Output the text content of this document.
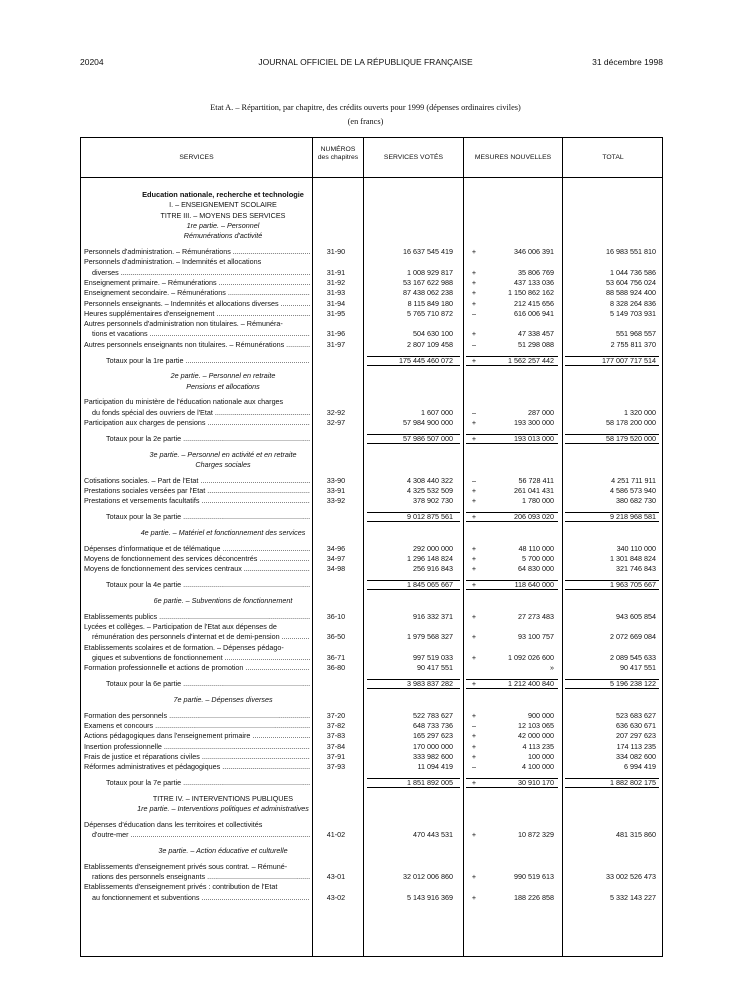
20204	JOURNAL OFFICIEL DE LA RÉPUBLIQUE FRANÇAISE	31 décembre 1998
Etat A. – Répartition, par chapitre, des crédits ouverts pour 1999 (dépenses ordinaires civiles)
(en francs)
SERVICES
NUMÉROS des chapitres	SERVICES VOTÉS	MESURES NOUVELLES	TOTAL
Education nationale, recherche et technologie
I. – ENSEIGNEMENT SCOLAIRE
TITRE III. – MOYENS DES SERVICES
1re partie. – Personnel
Rémunérations d'activité
Personnels d'administration. – Rémunérations .....	31-90	16 637 545 419	+	346 006 391	16 983 551 810
Personnels d'administration. – Indemnités et allocations
diverses .....	31-91	1 008 929 817	+	35 806 769	1 044 736 586
Enseignement primaire. – Rémunérations .....	31-92	53 167 622 988	+	437 133 036	53 604 756 024
Enseignement secondaire. – Rémunérations .....	31-93	87 438 062 238	+	1 150 862 162	88 588 924 400
Personnels enseignants. – Indemnités et allocations diverses .....	31-94	8 115 849 180	+	212 415 656	8 328 264 836
Heures supplémentaires d'enseignement .....	31-95	5 765 710 872	–	616 006 941	5 149 703 931
Autres personnels d'administration non titulaires. – Rémunéra-
tions et vacations .....	31-96	504 630 100	+	47 338 457	551 968 557
Autres personnels enseignants non titulaires. – Rémunérations .....	31-97	2 807 109 458	–	51 298 088	2 755 811 370
Totaux pour la 1re partie .....	175 445 460 072	+	1 562 257 442	177 007 717 514
2e partie. – Personnel en retraite
Pensions et allocations
Participation du ministère de l'éducation nationale aux charges
du fonds spécial des ouvriers de l'Etat .....	32-92	1 607 000	–	287 000	1 320 000
Participation aux charges de pensions .....	32-97	57 984 900 000	+	193 300 000	58 178 200 000
Totaux pour la 2e partie .....	57 986 507 000	+	193 013 000	58 179 520 000
3e partie. – Personnel en activité et en retraite
Charges sociales
Cotisations sociales. – Part de l'Etat .....	33-90	4 308 440 322	–	56 728 411	4 251 711 911
Prestations sociales versées par l'Etat .....	33-91	4 325 532 509	+	261 041 431	4 586 573 940
Prestations et versements facultatifs .....	33-92	378 902 730	+	1 780 000	380 682 730
Totaux pour la 3e partie .....	9 012 875 561	+	206 093 020	9 218 968 581
4e partie. – Matériel et fonctionnement des services
Dépenses d'informatique et de télématique .....	34-96	292 000 000	+	48 110 000	340 110 000
Moyens de fonctionnement des services déconcentrés .....	34-97	1 296 148 824	+	5 700 000	1 301 848 824
Moyens de fonctionnement des services centraux .....	34-98	256 916 843	+	64 830 000	321 746 843
Totaux pour la 4e partie .....	1 845 065 667	+	118 640 000	1 963 705 667
6e partie. – Subventions de fonctionnement
Etablissements publics .....	36-10	916 332 371	+	27 273 483	943 605 854
Lycées et collèges. – Participation de l'Etat aux dépenses de
rémunération des personnels d'internat et de demi-pension .....	36-50	1 979 568 327	+	93 100 757	2 072 669 084
Etablissements scolaires et de formation. – Dépenses pédago-
giques et subventions de fonctionnement .....	36-71	997 519 033	+	1 092 026 600	2 089 545 633
Formation professionnelle et actions de promotion .....	36-80	90 417 551	»	90 417 551
Totaux pour la 6e partie .....	3 983 837 282	+	1 212 400 840	5 196 238 122
7e partie. – Dépenses diverses
Formation des personnels .....	37-20	522 783 627	+	900 000	523 683 627
Examens et concours .....	37-82	648 733 736	–	12 103 065	636 630 671
Actions pédagogiques dans l'enseignement primaire .....	37-83	165 297 623	+	42 000 000	207 297 623
Insertion professionnelle .....	37-84	170 000 000	+	4 113 235	174 113 235
Frais de justice et réparations civiles .....	37-91	333 982 600	+	100 000	334 082 600
Réformes administratives et pédagogiques .....	37-93	11 094 419	–	4 100 000	6 994 419
Totaux pour la 7e partie .....	1 851 892 005	+	30 910 170	1 882 802 175
TITRE IV. – INTERVENTIONS PUBLIQUES
1re partie. – Interventions politiques et administratives
Dépenses d'éducation dans les territoires et collectivités
d'outre-mer .....	41-02	470 443 531	+	10 872 329	481 315 860
3e partie. – Action éducative et culturelle
Etablissements d'enseignement privés sous contrat. – Rémuné-
rations des personnels enseignants .....	43-01	32 012 006 860	+	990 519 613	33 002 526 473
Etablissements d'enseignement privés : contribution de l'Etat
au fonctionnement et subventions .....	43-02	5 143 916 369	+	188 226 858	5 332 143 227
